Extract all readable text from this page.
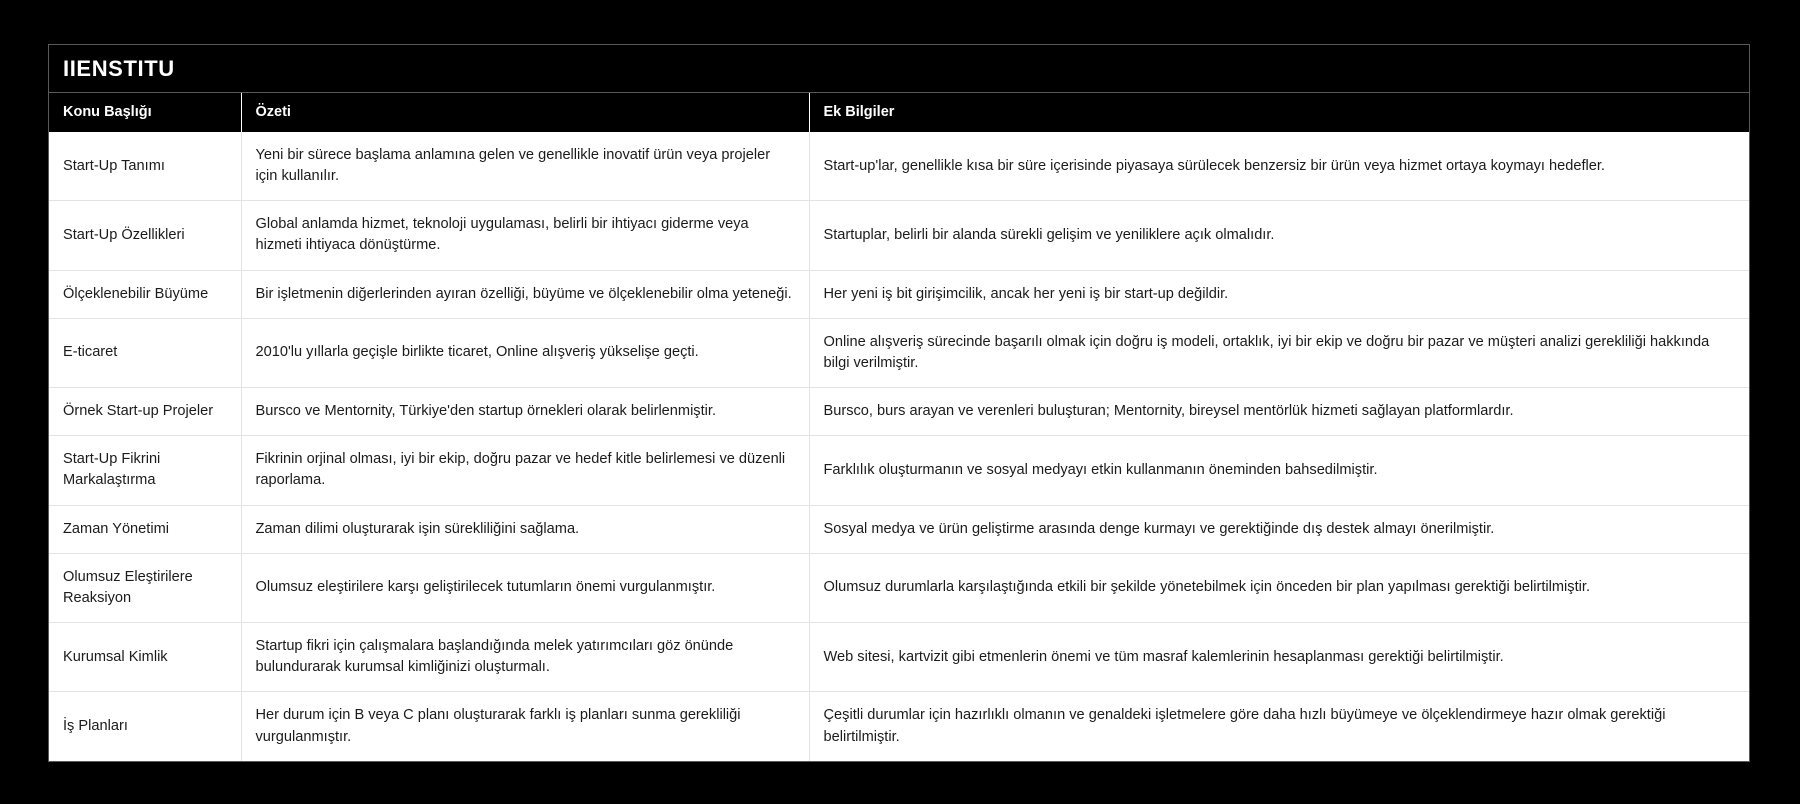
IIENSTITU
Konu Başlığı	Özeti	Ek Bilgiler
Start-Up Tanımı	Yeni bir sürece başlama anlamına gelen ve genellikle inovatif ürün veya projeler için kullanılır.	Start-up'lar, genellikle kısa bir süre içerisinde piyasaya sürülecek benzersiz bir ürün veya hizmet ortaya koymayı hedefler.
Start-Up Özellikleri	Global anlamda hizmet, teknoloji uygulaması, belirli bir ihtiyacı giderme veya hizmeti ihtiyaca dönüştürme.	Startuplar, belirli bir alanda sürekli gelişim ve yeniliklere açık olmalıdır.
Ölçeklenebilir Büyüme	Bir işletmenin diğerlerinden ayıran özelliği, büyüme ve ölçeklenebilir olma yeteneği.	Her yeni iş bit girişimcilik, ancak her yeni iş bir start-up değildir.
E-ticaret	2010'lu yıllarla geçişle birlikte ticaret, Online alışveriş yükselişe geçti.	Online alışveriş sürecinde başarılı olmak için doğru iş modeli, ortaklık, iyi bir ekip ve doğru bir pazar ve müşteri analizi gerekliliği hakkında bilgi verilmiştir.
Örnek Start-up Projeler	Bursco ve Mentornity, Türkiye'den startup örnekleri olarak belirlenmiştir.	Bursco, burs arayan ve verenleri buluşturan; Mentornity, bireysel mentörlük hizmeti sağlayan platformlardır.
Start-Up Fikrini Markalaştırma	Fikrinin orjinal olması, iyi bir ekip, doğru pazar ve hedef kitle belirlemesi ve düzenli raporlama.	Farklılık oluşturmanın ve sosyal medyayı etkin kullanmanın öneminden bahsedilmiştir.
Zaman Yönetimi	Zaman dilimi oluşturarak işin sürekliliğini sağlama.	Sosyal medya ve ürün geliştirme arasında denge kurmayı ve gerektiğinde dış destek almayı önerilmiştir.
Olumsuz Eleştirilere Reaksiyon	Olumsuz eleştirilere karşı geliştirilecek tutumların önemi vurgulanmıştır.	Olumsuz durumlarla karşılaştığında etkili bir şekilde yönetebilmek için önceden bir plan yapılması gerektiği belirtilmiştir.
Kurumsal Kimlik	Startup fikri için çalışmalara başlandığında melek yatırımcıları göz önünde bulundurarak kurumsal kimliğinizi oluşturmalı.	Web sitesi, kartvizit gibi etmenlerin önemi ve tüm masraf kalemlerinin hesaplanması gerektiği belirtilmiştir.
İş Planları	Her durum için B veya C planı oluşturarak farklı iş planları sunma gerekliliği vurgulanmıştır.	Çeşitli durumlar için hazırlıklı olmanın ve genaldeki işletmelere göre daha hızlı büyümeye ve ölçeklendirmeye hazır olmak gerektiği belirtilmiştir.
